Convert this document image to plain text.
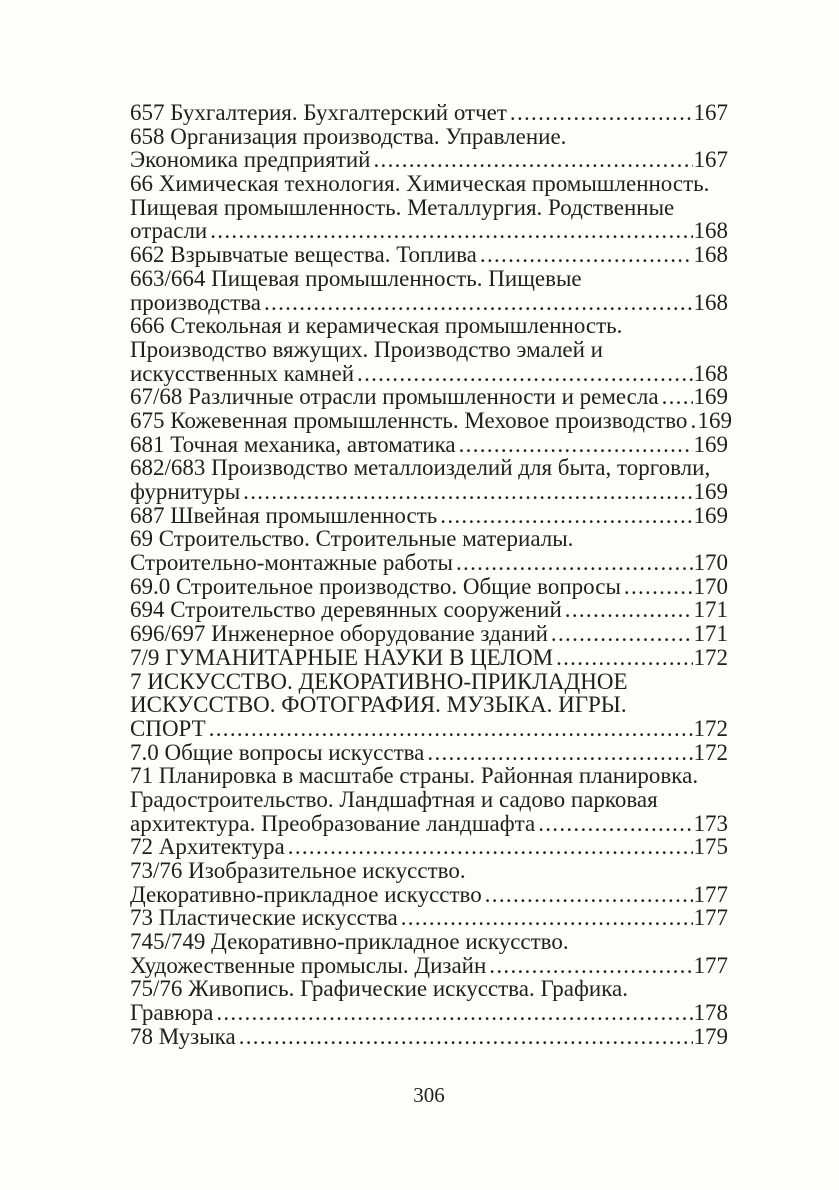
657 Бухгалтерия. Бухгалтерский отчет .....	167
658 Организация производства. Управление.
Экономика предприятий .....	167
66 Химическая технология. Химическая промышленность.
Пищевая промышленность. Металлургия. Родственные
отрасли .....	168
662 Взрывчатые вещества. Топлива .....	168
663/664 Пищевая промышленность. Пищевые
производства .....	168
666 Стекольная и керамическая промышленность.
Производство вяжущих. Производство эмалей и
искусственных камней .....	168
67/68 Различные отрасли промышленности и ремесла ..... 169
675 Кожевенная промышленнсть. Меховое производство ..... 169
681 Точная механика, автоматика .....	169
682/683 Производство металлоизделий для быта, торговли,
фурнитуры .....	169
687 Швейная промышленность .....	169
69 Строительство. Строительные материалы.
Строительно-монтажные работы .....	170
69.0 Строительное производство. Общие вопросы .....	170
694 Строительство деревянных сооружений .....	171
696/697 Инженерное оборудование зданий .....	171
7/9 ГУМАНИТАРНЫЕ НАУКИ В ЦЕЛОМ .....	172
7 ИСКУССТВО. ДЕКОРАТИВНО-ПРИКЛАДНОЕ
ИСКУССТВО. ФОТОГРАФИЯ. МУЗЫКА. ИГРЫ.
СПОРТ .....	172
7.0 Общие вопросы искусства .....	172
71 Планировка в масштабе страны. Районная планировка.
Градостроительство. Ландшафтная и садово парковая
архитектура. Преобразование ландшафта .....	173
72 Архитектура .....	175
73/76 Изобразительное искусство.
Декоративно-прикладное искусство .....	177
73 Пластические искусства .....	177
745/749 Декоративно-прикладное искусство.
Художественные промыслы. Дизайн .....	177
75/76 Живопись. Графические искусства. Графика.
Гравюра .....	178
78 Музыка .....	179
306
